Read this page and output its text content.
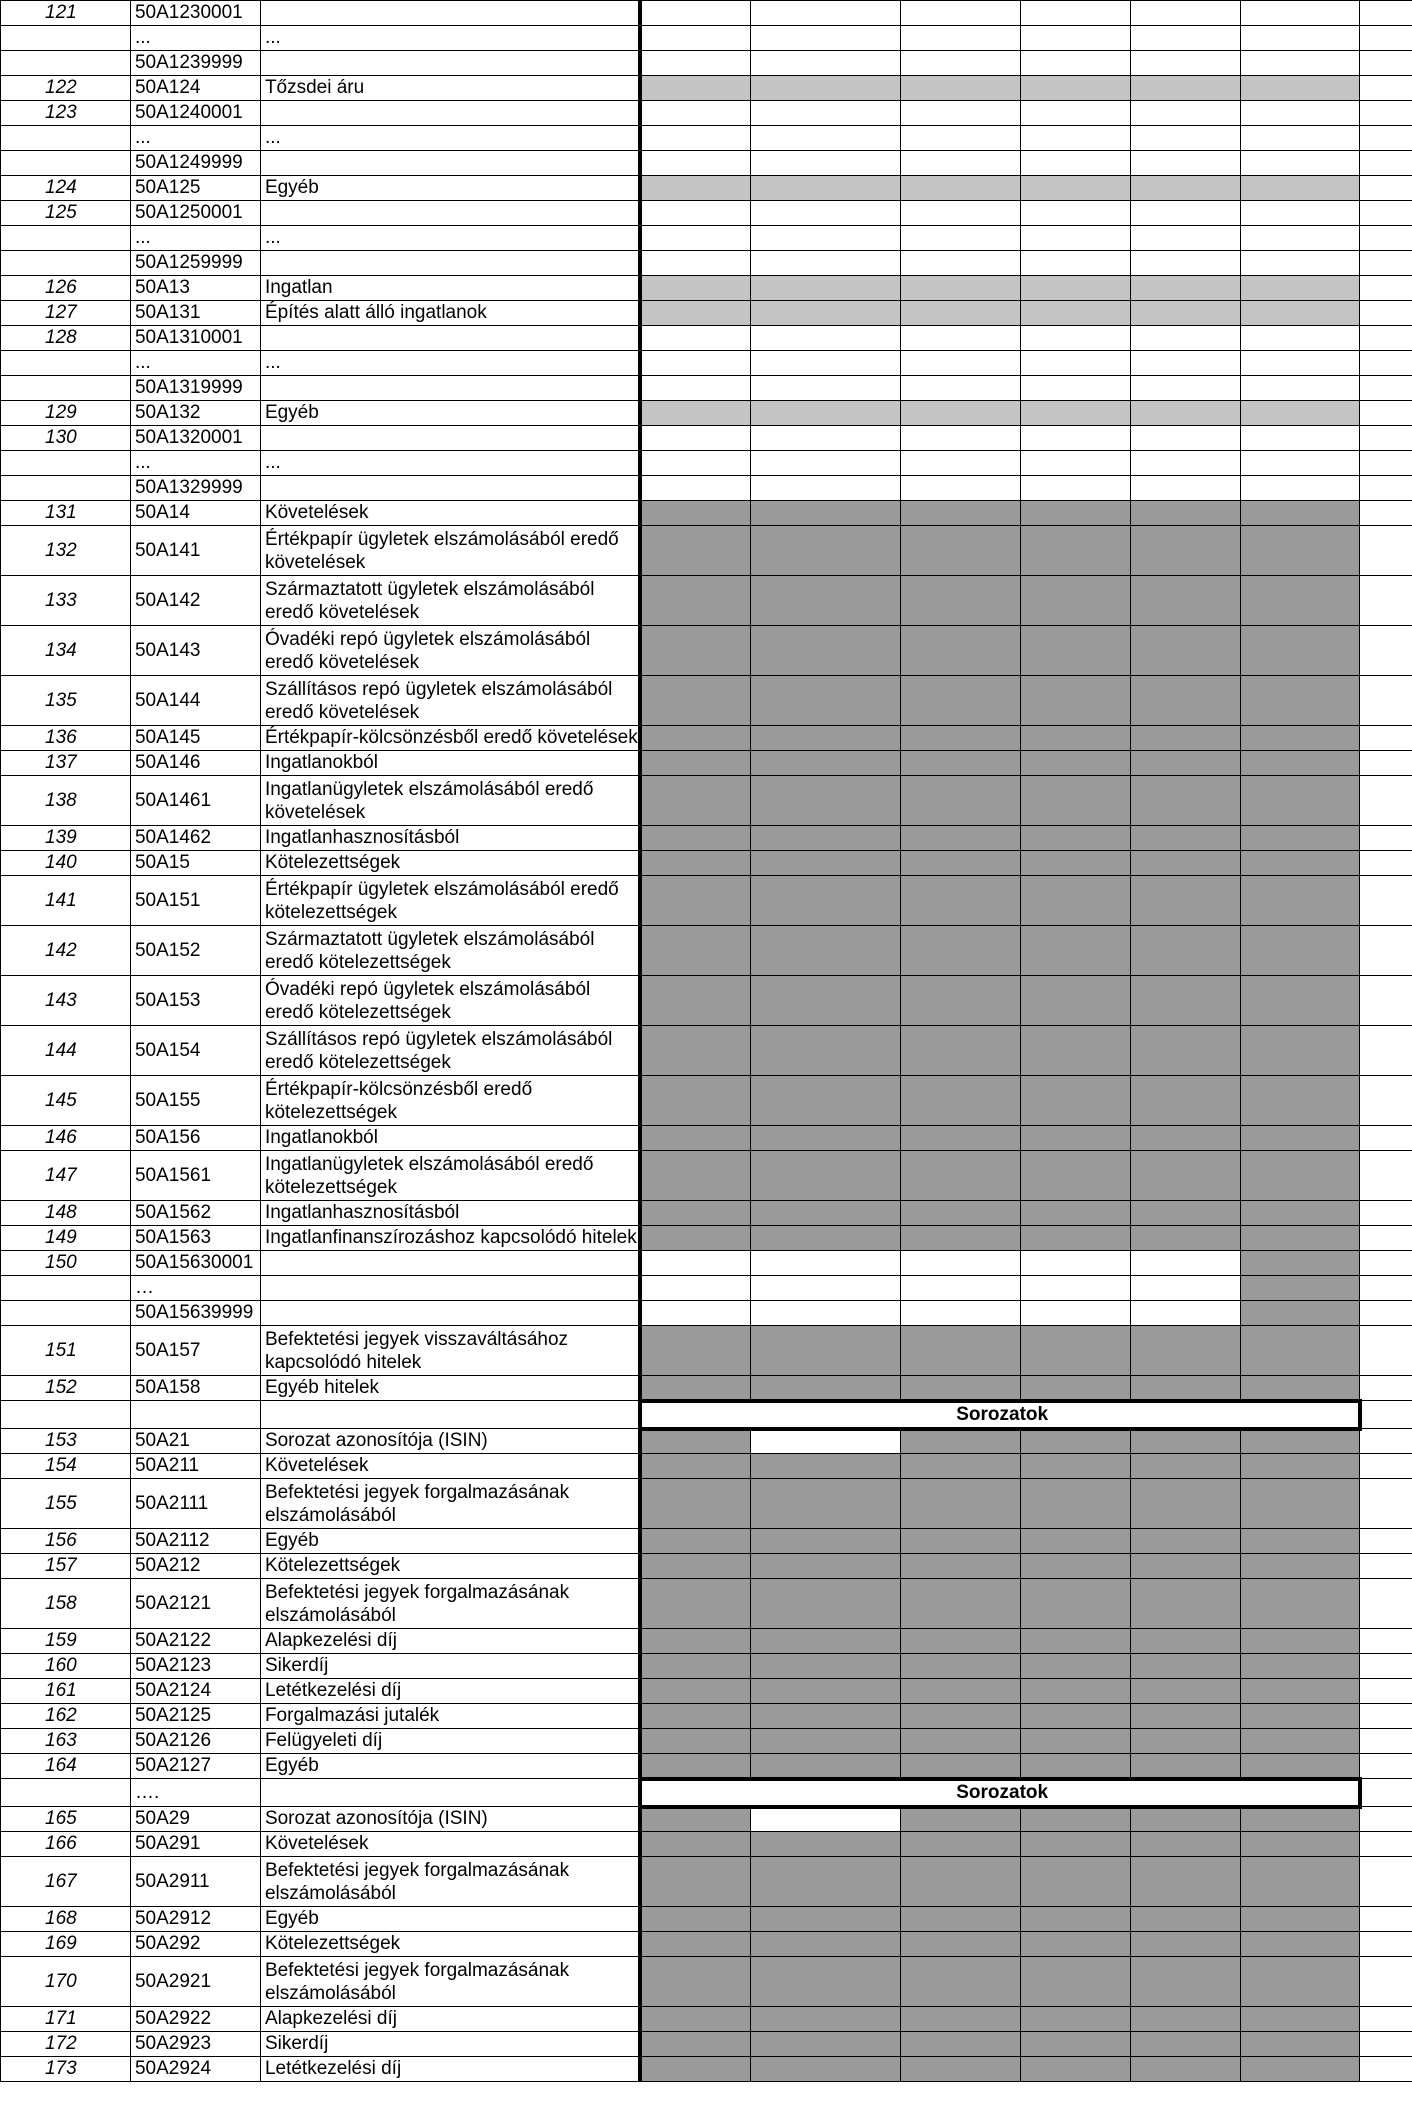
121	50A1230001								
	...	...							
	50A1239999								
122	50A124	Tőzsdei áru							
123	50A1240001								
	...	...							
	50A1249999								
124	50A125	Egyéb							
125	50A1250001								
	...	...							
	50A1259999								
126	50A13	Ingatlan							
127	50A131	Építés alatt álló ingatlanok							
128	50A1310001								
	...	...							
	50A1319999								
129	50A132	Egyéb							
130	50A1320001								
	...	...							
	50A1329999								
131	50A14	Követelések							
132	50A141	Értékpapír ügyletek elszámolásából eredő követelések							
133	50A142	Származtatott ügyletek elszámolásából eredő követelések							
134	50A143	Óvadéki repó ügyletek elszámolásából eredő követelések							
135	50A144	Szállításos repó ügyletek elszámolásából eredő követelések							
136	50A145	Értékpapír-kölcsönzésből eredő követelések							
137	50A146	Ingatlanokból							
138	50A1461	Ingatlanügyletek elszámolásából eredő követelések							
139	50A1462	Ingatlanhasznosításból							
140	50A15	Kötelezettségek							
141	50A151	Értékpapír ügyletek elszámolásából eredő kötelezettségek							
142	50A152	Származtatott ügyletek elszámolásából eredő kötelezettségek							
143	50A153	Óvadéki repó ügyletek elszámolásából eredő kötelezettségek							
144	50A154	Szállításos repó ügyletek elszámolásából eredő kötelezettségek							
145	50A155	Értékpapír-kölcsönzésből eredő kötelezettségek							
146	50A156	Ingatlanokból							
147	50A1561	Ingatlanügyletek elszámolásából eredő kötelezettségek							
148	50A1562	Ingatlanhasznosításból							
149	50A1563	Ingatlanfinanszírozáshoz kapcsolódó hitelek							
150	50A15630001								
	…								
	50A15639999								
151	50A157	Befektetési jegyek visszaváltásához kapcsolódó hitelek							
152	50A158	Egyéb hitelek							
			Sorozatok						
153	50A21	Sorozat azonosítója (ISIN)							
154	50A211	Követelések							
155	50A2111	Befektetési jegyek forgalmazásának elszámolásából							
156	50A2112	Egyéb							
157	50A212	Kötelezettségek							
158	50A2121	Befektetési jegyek forgalmazásának elszámolásából							
159	50A2122	Alapkezelési díj							
160	50A2123	Sikerdíj							
161	50A2124	Letétkezelési díj							
162	50A2125	Forgalmazási jutalék							
163	50A2126	Felügyeleti díj							
164	50A2127	Egyéb							
	….		Sorozatok						
165	50A29	Sorozat azonosítója (ISIN)							
166	50A291	Követelések							
167	50A2911	Befektetési jegyek forgalmazásának elszámolásából							
168	50A2912	Egyéb							
169	50A292	Kötelezettségek							
170	50A2921	Befektetési jegyek forgalmazásának elszámolásából							
171	50A2922	Alapkezelési díj							
172	50A2923	Sikerdíj							
173	50A2924	Letétkezelési díj							
